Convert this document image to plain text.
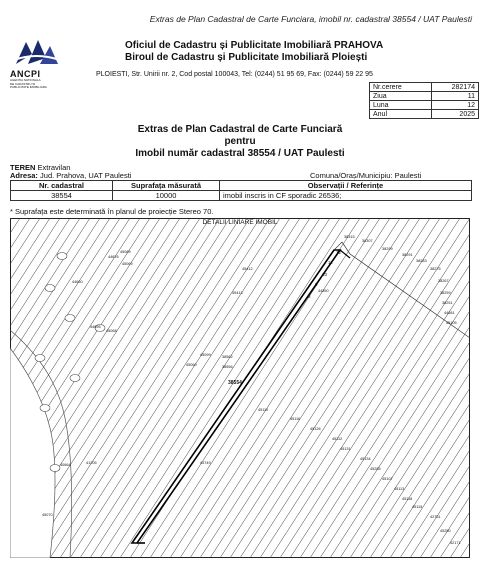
Extras de Plan Cadastral de Carte Funciara, imobil nr. cadastral 38554 / UAT Paulesti
ANCPI
AGENTIA NATIONALA
DE CADASTRU SI
PUBLICITATE IMOBILIARA
Oficiul de Cadastru și Publicitate Imobiliară PRAHOVA
Biroul de Cadastru și Publicitate Imobiliară Ploiești
PLOIESTI, Str. Unirii nr. 2, Cod postal 100043, Tel: (0244) 51 95 69, Fax: (0244) 59 22 95
Nr.cerere	282174
Ziua	11
Luna	12
Anul	2025
Extras de Plan Cadastral de Carte Funciară
pentru
Imobil număr cadastral 38554 / UAT Paulesti
TEREN Extravilan
Adresa: Jud. Prahova, UAT Paulesti	Comuna/Oraș/Municipiu: Paulesti
Nr. cadastral	Suprafața măsurată	Observații / Referințe
38554	10000	imobil inscris in CF sporadic 26536;
* Suprafața este determinată în planul de proiecție Stereo 70.
38554
8
9
10
11
12
45089
44676
45069
45412
45413
44660
44695
45068
45099
45060
38562
38556
44350
38315
38307
38299
38291
38283
38275
38267
38259
38251
44681
45105
45110
45116
45126
45112
45131
45134
45285
45107
45113
45118
45115
42751
45250
42171
40664	41205	44749
45070
DETALII LINIARE IMOBIL
